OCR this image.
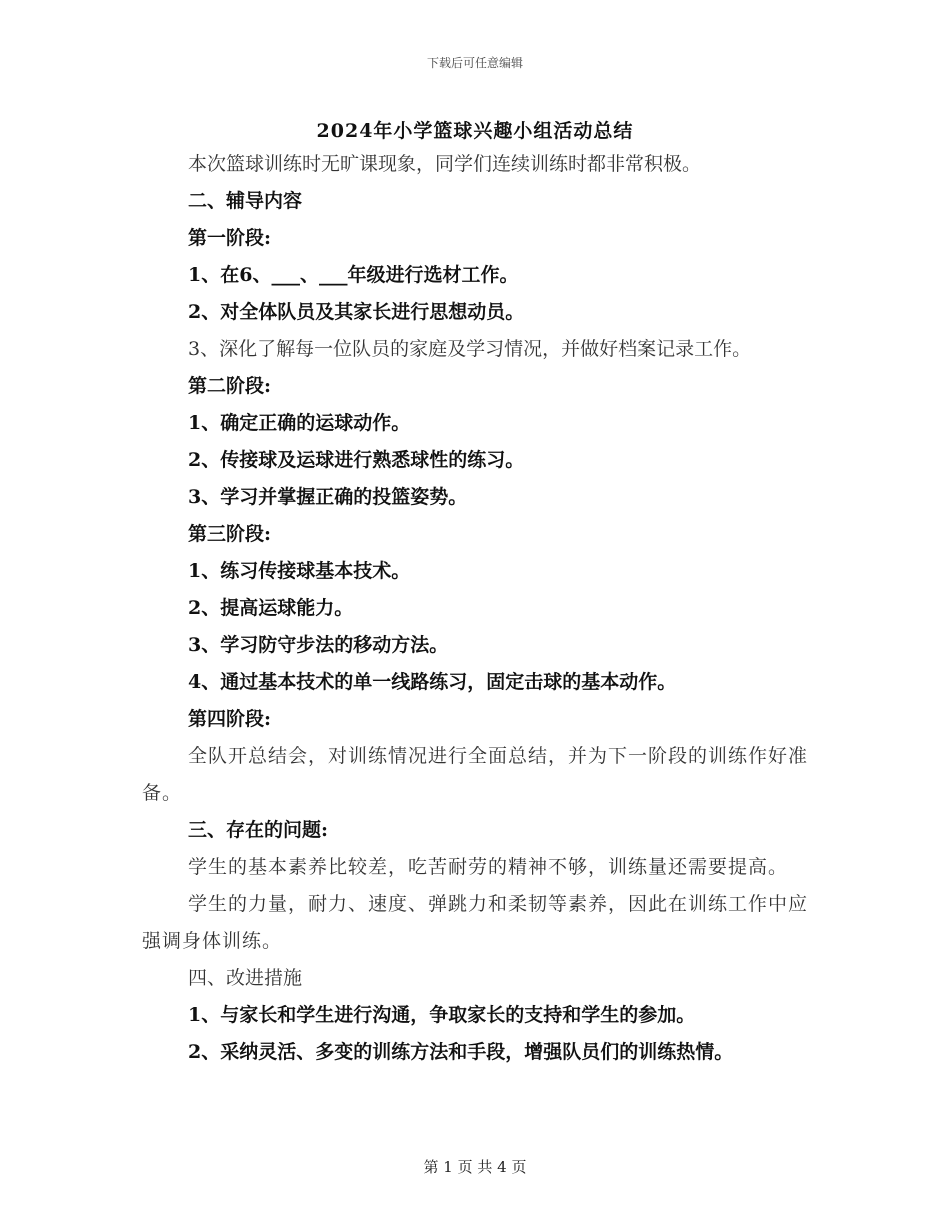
下载后可任意编辑
2024年小学篮球兴趣小组活动总结
本次篮球训练时无旷课现象，同学们连续训练时都非常积极。
二、辅导内容
第一阶段:
1、在6、___、___年级进行选材工作。
2、对全体队员及其家长进行思想动员。
3、深化了解每一位队员的家庭及学习情况，并做好档案记录工作。
第二阶段:
1、确定正确的运球动作。
2、传接球及运球进行熟悉球性的练习。
3、学习并掌握正确的投篮姿势。
第三阶段:
1、练习传接球基本技术。
2、提高运球能力。
3、学习防守步法的移动方法。
4、通过基本技术的单一线路练习，固定击球的基本动作。
第四阶段:
全队开总结会，对训练情况进行全面总结，并为下一阶段的训练作好准备。
三、存在的问题:
学生的基本素养比较差，吃苦耐劳的精神不够，训练量还需要提高。
学生的力量，耐力、速度、弹跳力和柔韧等素养，因此在训练工作中应强调身体训练。
四、改进措施
1、与家长和学生进行沟通，争取家长的支持和学生的参加。
2、采纳灵活、多变的训练方法和手段，增强队员们的训练热情。
第 1 页 共 4 页
